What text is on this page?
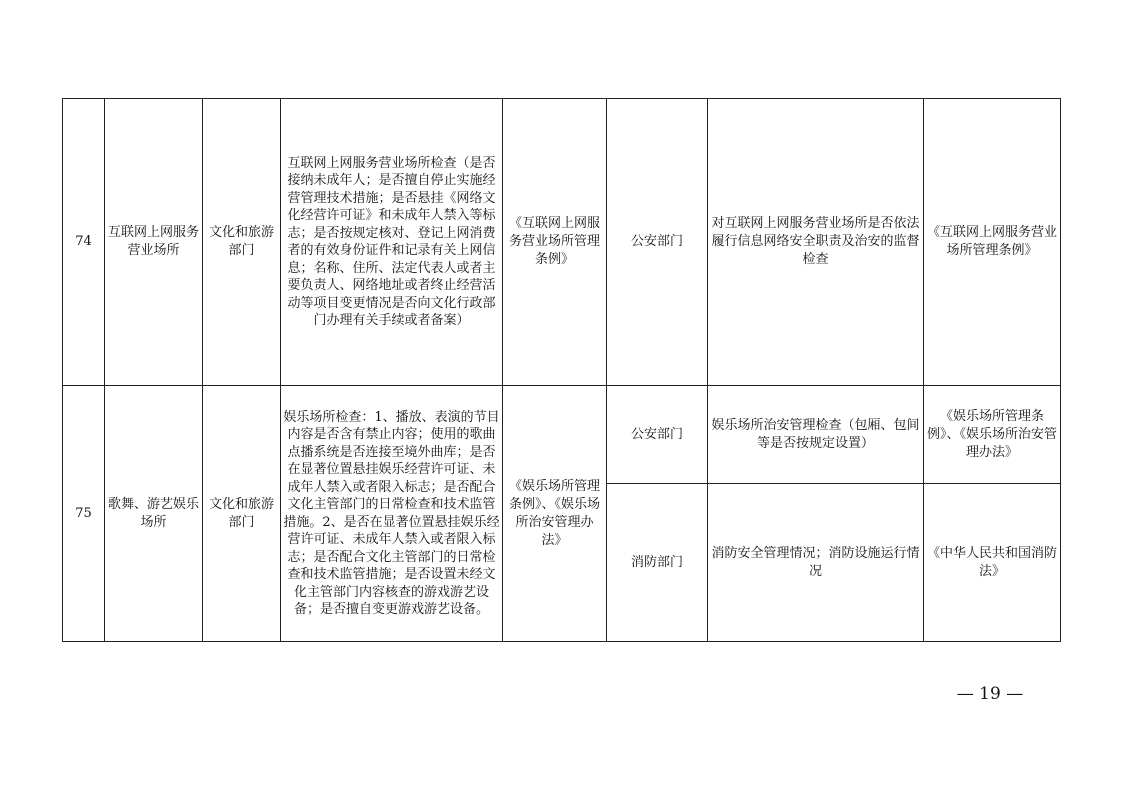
74	互联网上网服务营业场所	文化和旅游部门	互联网上网服务营业场所检查（是否接纳未成年人；是否擅自停止实施经营管理技术措施；是否悬挂《网络文化经营许可证》和未成年人禁入等标志；是否按规定核对、登记上网消费者的有效身份证件和记录有关上网信息；名称、住所、法定代表人或者主要负责人、网络地址或者终止经营活动等项目变更情况是否向文化行政部门办理有关手续或者备案）	《互联网上网服务营业场所管理条例》	公安部门	对互联网上网服务营业场所是否依法履行信息网络安全职责及治安的监督检查	《互联网上网服务营业场所管理条例》
75	歌舞、游艺娱乐场所	文化和旅游部门	娱乐场所检查：1、播放、表演的节目内容是否含有禁止内容；使用的歌曲点播系统是否连接至境外曲库；是否在显著位置悬挂娱乐经营许可证、未成年人禁入或者限入标志；是否配合文化主管部门的日常检查和技术监管措施。2、是否在显著位置悬挂娱乐经营许可证、未成年人禁入或者限入标志；是否配合文化主管部门的日常检查和技术监管措施；是否设置未经文化主管部门内容核查的游戏游艺设备；是否擅自变更游戏游艺设备。	《娱乐场所管理条例》、《娱乐场所治安管理办法》	公安部门	娱乐场所治安管理检查（包厢、包间等是否按规定设置）	《娱乐场所管理条例》、《娱乐场所治安管理办法》
					消防部门	消防安全管理情况；消防设施运行情况	《中华人民共和国消防法》
— 19 —
